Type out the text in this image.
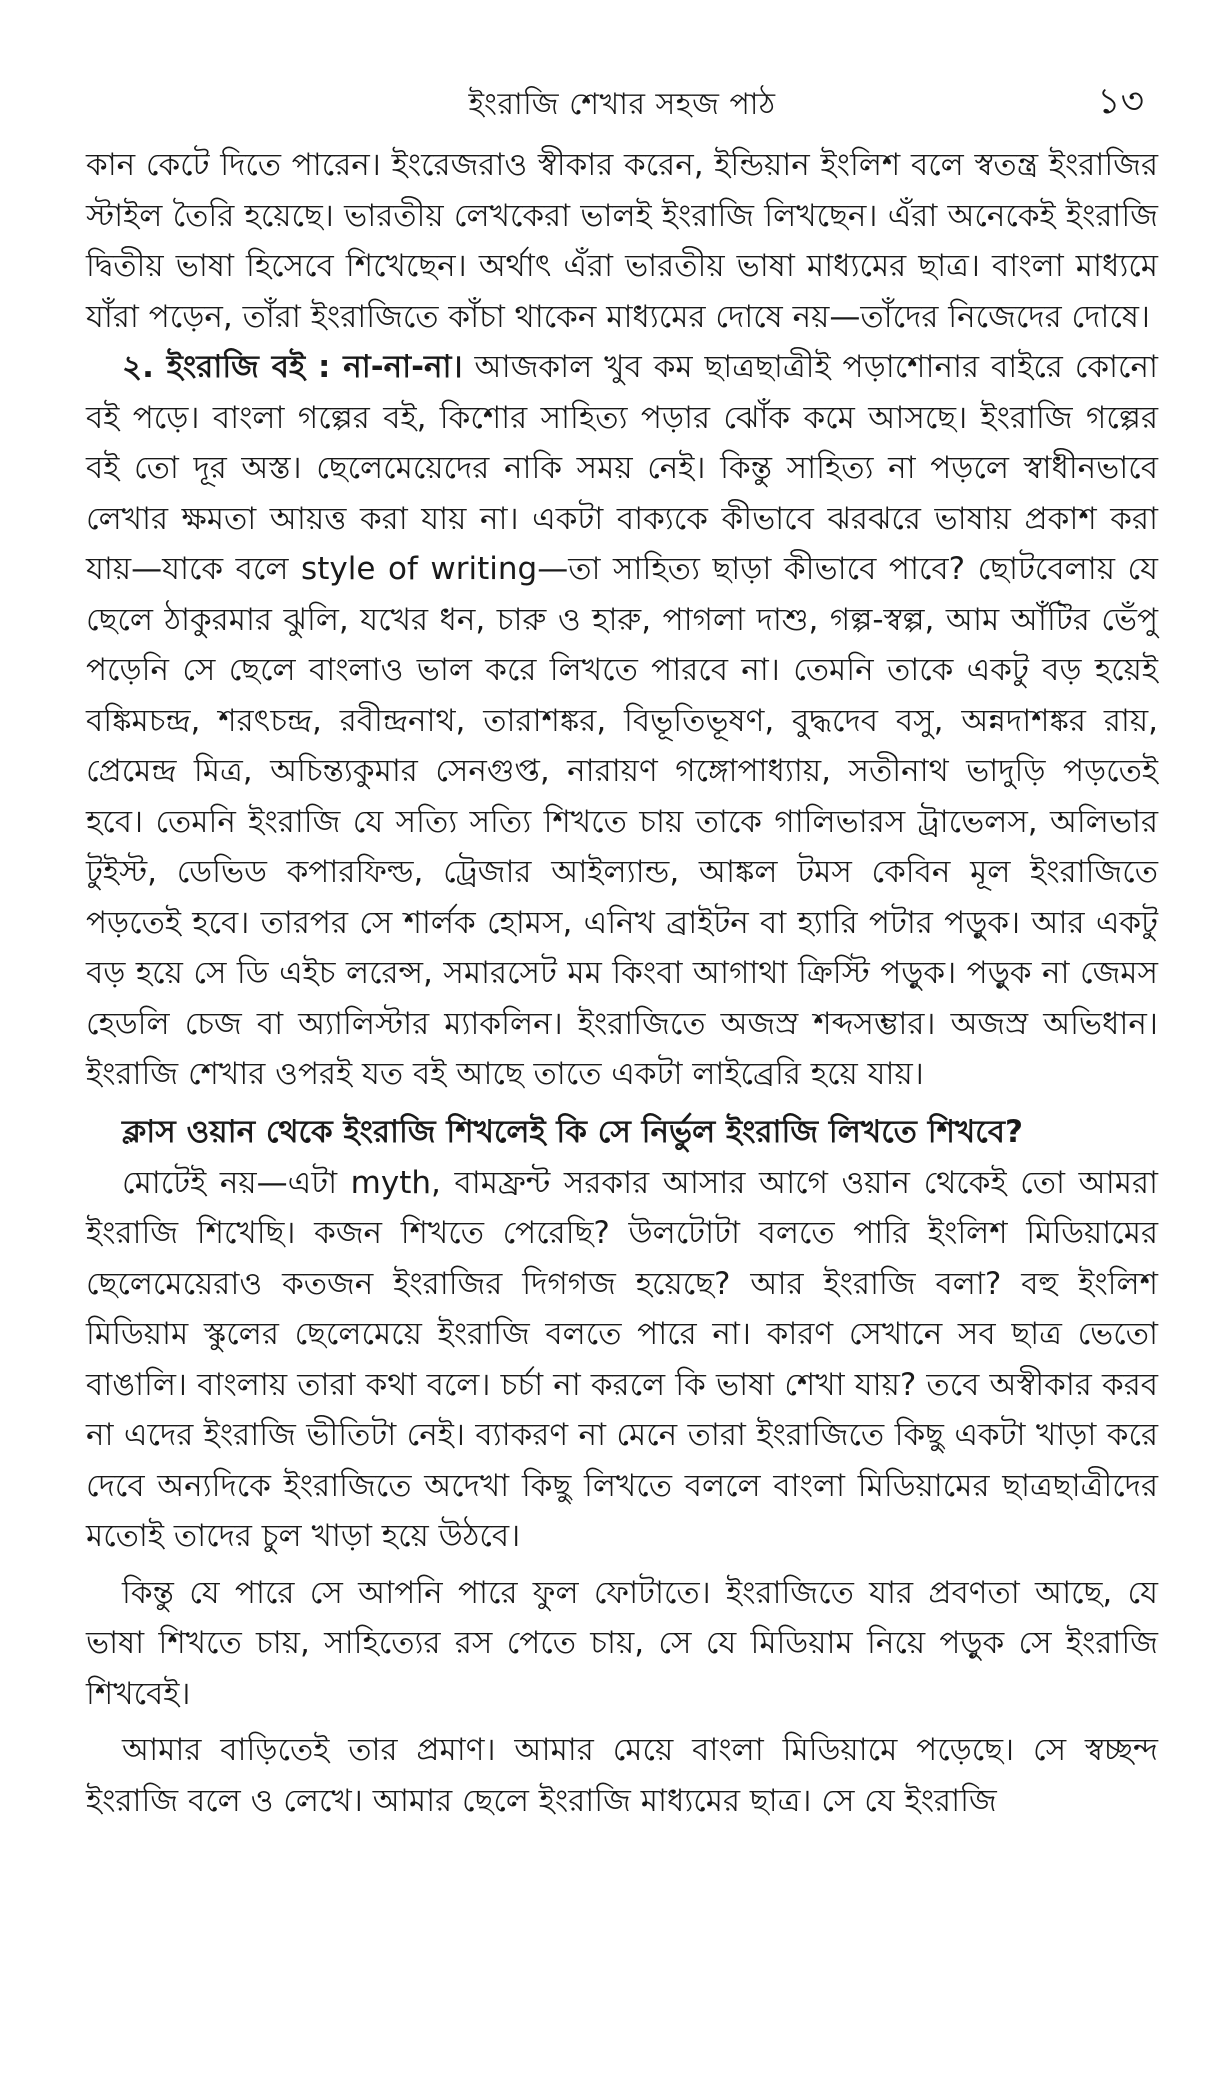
ইংরাজি শেখার সহজ পাঠ	১৩

কান কেটে দিতে পারেন। ইংরেজরাও স্বীকার করেন, ইন্ডিয়ান ইংলিশ বলে স্বতন্ত্র ইংরাজির স্টাইল তৈরি হয়েছে। ভারতীয় লেখকেরা ভালই ইংরাজি লিখছেন। এঁরা অনেকেই ইংরাজি দ্বিতীয় ভাষা হিসেবে শিখেছেন। অর্থাৎ এঁরা ভারতীয় ভাষা মাধ্যমের ছাত্র। বাংলা মাধ্যমে যাঁরা পড়েন, তাঁরা ইংরাজিতে কাঁচা থাকেন মাধ্যমের দোষে নয়—তাঁদের নিজেদের দোষে।

২. ইংরাজি বই : না-না-না। আজকাল খুব কম ছাত্রছাত্রীই পড়াশোনার বাইরে কোনো বই পড়ে। বাংলা গল্পের বই, কিশোর সাহিত্য পড়ার ঝোঁক কমে আসছে। ইংরাজি গল্পের বই তো দূর অস্ত। ছেলেমেয়েদের নাকি সময় নেই। কিন্তু সাহিত্য না পড়লে স্বাধীনভাবে লেখার ক্ষমতা আয়ত্ত করা যায় না। একটা বাক্যকে কীভাবে ঝরঝরে ভাষায় প্রকাশ করা যায়—যাকে বলে style of writing—তা সাহিত্য ছাড়া কীভাবে পাবে? ছোটবেলায় যে ছেলে ঠাকুরমার ঝুলি, যখের ধন, চারু ও হারু, পাগলা দাশু, গল্প-স্বল্প, আম আঁটির ভেঁপু পড়েনি সে ছেলে বাংলাও ভাল করে লিখতে পারবে না। তেমনি তাকে একটু বড় হয়েই বঙ্কিমচন্দ্র, শরৎচন্দ্র, রবীন্দ্রনাথ, তারাশঙ্কর, বিভূতিভূষণ, বুদ্ধদেব বসু, অন্নদাশঙ্কর রায়, প্রেমেন্দ্র মিত্র, অচিন্ত্যকুমার সেনগুপ্ত, নারায়ণ গঙ্গোপাধ্যায়, সতীনাথ ভাদুড়ি পড়তেই হবে। তেমনি ইংরাজি যে সত্যি সত্যি শিখতে চায় তাকে গালিভারস ট্রাভেলস, অলিভার টুইস্ট, ডেভিড কপারফিল্ড, ট্রেজার আইল্যান্ড, আঙ্কল টমস কেবিন মূল ইংরাজিতে পড়তেই হবে। তারপর সে শার্লক হোমস, এনিখ ব্রাইটন বা হ্যারি পটার পড়ুক। আর একটু বড় হয়ে সে ডি এইচ লরেন্স, সমারসেট মম কিংবা আগাথা ক্রিস্টি পড়ুক। পড়ুক না জেমস হেডলি চেজ বা অ্যালিস্টার ম্যাকলিন। ইংরাজিতে অজস্র শব্দসম্ভার। অজস্র অভিধান। ইংরাজি শেখার ওপরই যত বই আছে তাতে একটা লাইব্রেরি হয়ে যায়।

ক্লাস ওয়ান থেকে ইংরাজি শিখলেই কি সে নির্ভুল ইংরাজি লিখতে শিখবে?

মোটেই নয়—এটা myth, বামফ্রন্ট সরকার আসার আগে ওয়ান থেকেই তো আমরা ইংরাজি শিখেছি। কজন শিখতে পেরেছি? উলটোটা বলতে পারি ইংলিশ মিডিয়ামের ছেলেমেয়েরাও কতজন ইংরাজির দিগগজ হয়েছে? আর ইংরাজি বলা? বহু ইংলিশ মিডিয়াম স্কুলের ছেলেমেয়ে ইংরাজি বলতে পারে না। কারণ সেখানে সব ছাত্র ভেতো বাঙালি। বাংলায় তারা কথা বলে। চর্চা না করলে কি ভাষা শেখা যায়? তবে অস্বীকার করব না এদের ইংরাজি ভীতিটা নেই। ব্যাকরণ না মেনে তারা ইংরাজিতে কিছু একটা খাড়া করে দেবে অন্যদিকে ইংরাজিতে অদেখা কিছু লিখতে বললে বাংলা মিডিয়ামের ছাত্রছাত্রীদের মতোই তাদের চুল খাড়া হয়ে উঠবে।

কিন্তু যে পারে সে আপনি পারে ফুল ফোটাতে। ইংরাজিতে যার প্রবণতা আছে, যে ভাষা শিখতে চায়, সাহিত্যের রস পেতে চায়, সে যে মিডিয়াম নিয়ে পড়ুক সে ইংরাজি শিখবেই।

আমার বাড়িতেই তার প্রমাণ। আমার মেয়ে বাংলা মিডিয়ামে পড়েছে। সে স্বচ্ছন্দ ইংরাজি বলে ও লেখে। আমার ছেলে ইংরাজি মাধ্যমের ছাত্র। সে যে ইংরাজি
